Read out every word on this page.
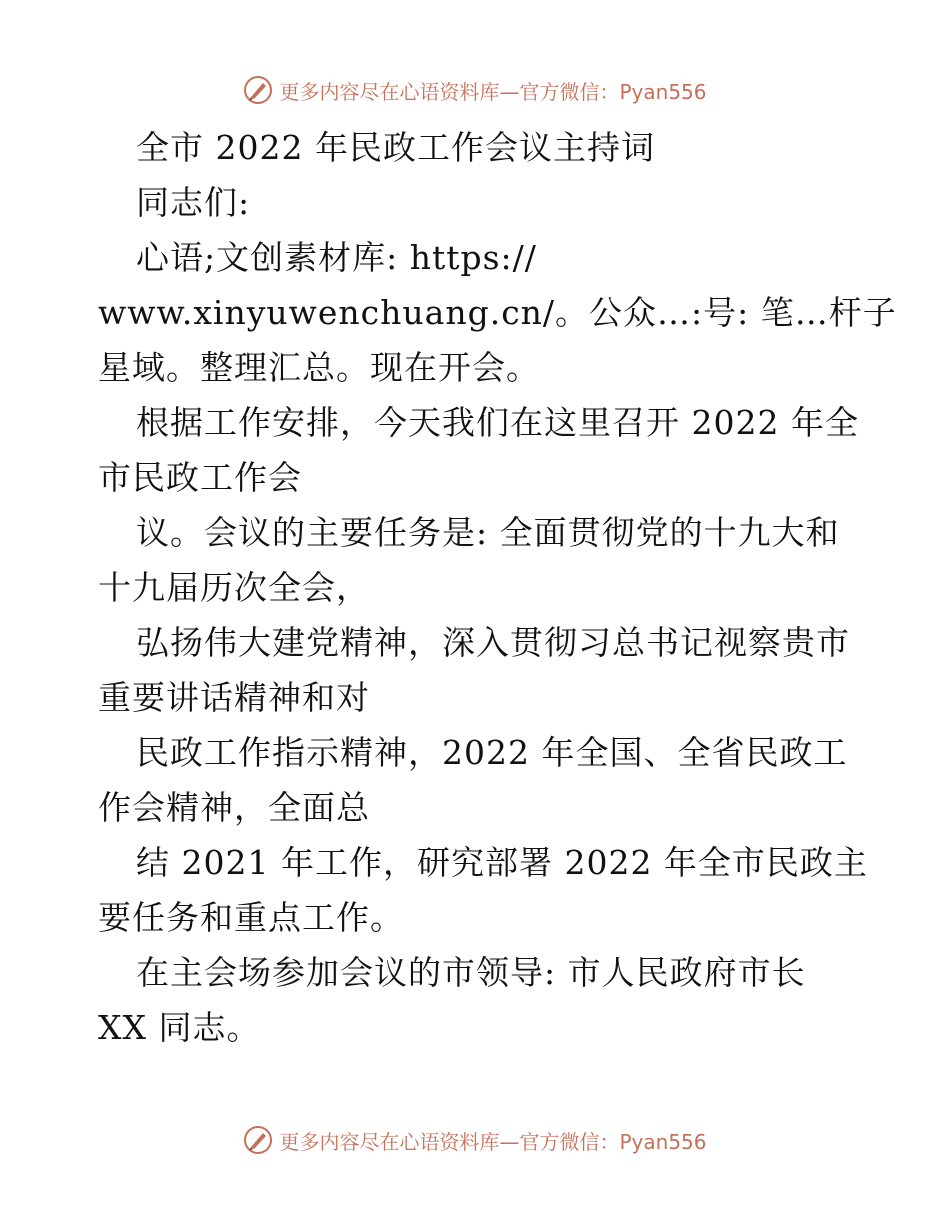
更多内容尽在心语资料库—官方微信：Pyan556
全市 2022 年民政工作会议主持词
同志们:
心语;文创素材库: https://
www.xinyuwenchuang.cn/。公众…:号: 笔…杆子
星域。整理汇总。现在开会。
根据工作安排，今天我们在这里召开 2022 年全
市民政工作会
议。会议的主要任务是: 全面贯彻党的十九大和
十九届历次全会，
弘扬伟大建党精神，深入贯彻习总书记视察贵市
重要讲话精神和对
民政工作指示精神，2022 年全国、全省民政工
作会精神，全面总
结 2021 年工作，研究部署 2022 年全市民政主
要任务和重点工作。
在主会场参加会议的市领导: 市人民政府市长
XX 同志。
更多内容尽在心语资料库—官方微信：Pyan556
